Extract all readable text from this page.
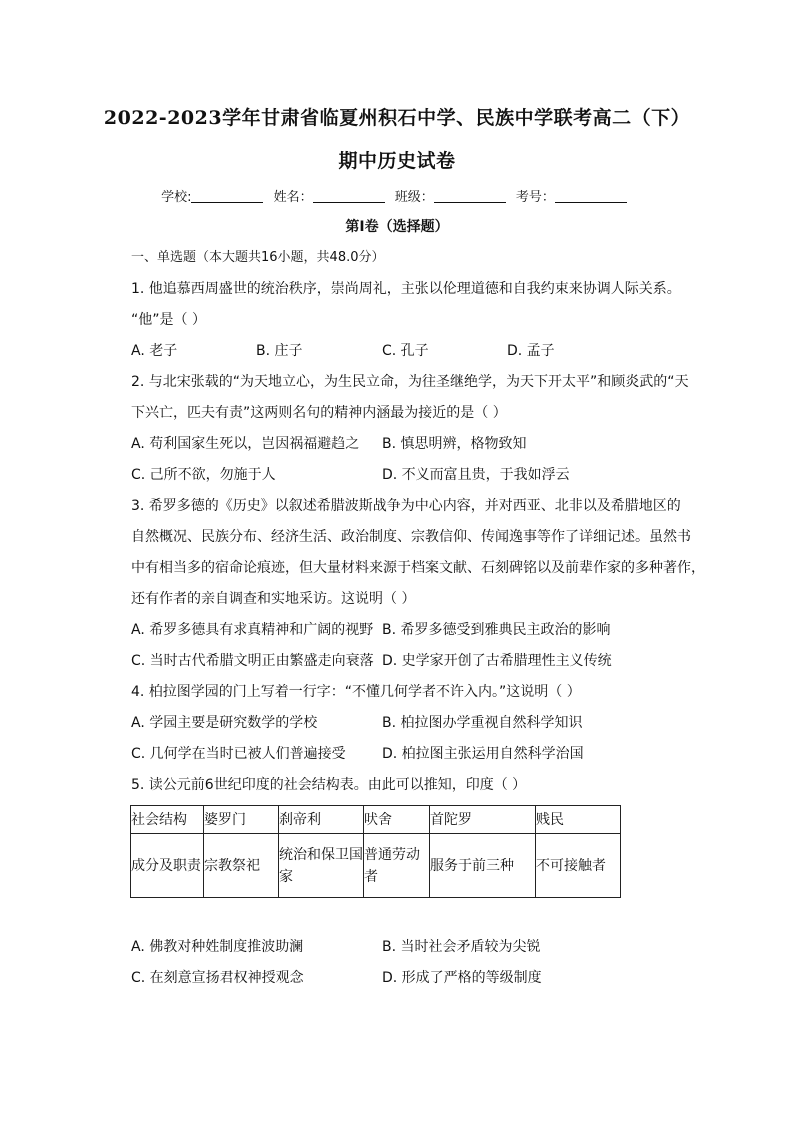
2022-2023学年甘肃省临夏州积石中学、民族中学联考高二（下）
期中历史试卷
学校:	姓名：	班级：	考号：
第I卷（选择题）
一、单选题（本大题共16小题，共48.0分）
1. 他追慕西周盛世的统治秩序，崇尚周礼，主张以伦理道德和自我约束来协调人际关系。
“他”是（ ）
A. 老子	B. 庄子	C. 孔子	D. 孟子
2. 与北宋张载的“为天地立心，为生民立命，为往圣继绝学，为天下开太平”和顾炎武的“天
下兴亡，匹夫有责”这两则名句的精神内涵最为接近的是（ ）
A. 苟利国家生死以，岂因祸福避趋之 B. 慎思明辨，格物致知
C. 己所不欲，勿施于人	D. 不义而富且贵，于我如浮云
3. 希罗多德的《历史》以叙述希腊波斯战争为中心内容，并对西亚、北非以及希腊地区的
自然概况、民族分布、经济生活、政治制度、宗教信仰、传闻逸事等作了详细记述。虽然书
中有相当多的宿命论痕迹，但大量材料来源于档案文献、石刻碑铭以及前辈作家的多种著作，
还有作者的亲自调查和实地采访。这说明（ ）
A. 希罗多德具有求真精神和广阔的视野 B. 希罗多德受到雅典民主政治的影响
C. 当时古代希腊文明正由繁盛走向衰落 D. 史学家开创了古希腊理性主义传统
4. 柏拉图学园的门上写着一行字：“不懂几何学者不许入内。”这说明（ ）
A. 学园主要是研究数学的学校	B. 柏拉图办学重视自然科学知识
C. 几何学在当时已被人们普遍接受	D. 柏拉图主张运用自然科学治国
5. 读公元前6世纪印度的社会结构表。由此可以推知，印度（ ）
社会结构	婆罗门	刹帝利	吠舍	首陀罗	贱民
成分及职责	宗教祭祀	统治和保卫国家	普通劳动者	服务于前三种	不可接触者
A. 佛教对种姓制度推波助澜	B. 当时社会矛盾较为尖锐
C. 在刻意宣扬君权神授观念	D. 形成了严格的等级制度
